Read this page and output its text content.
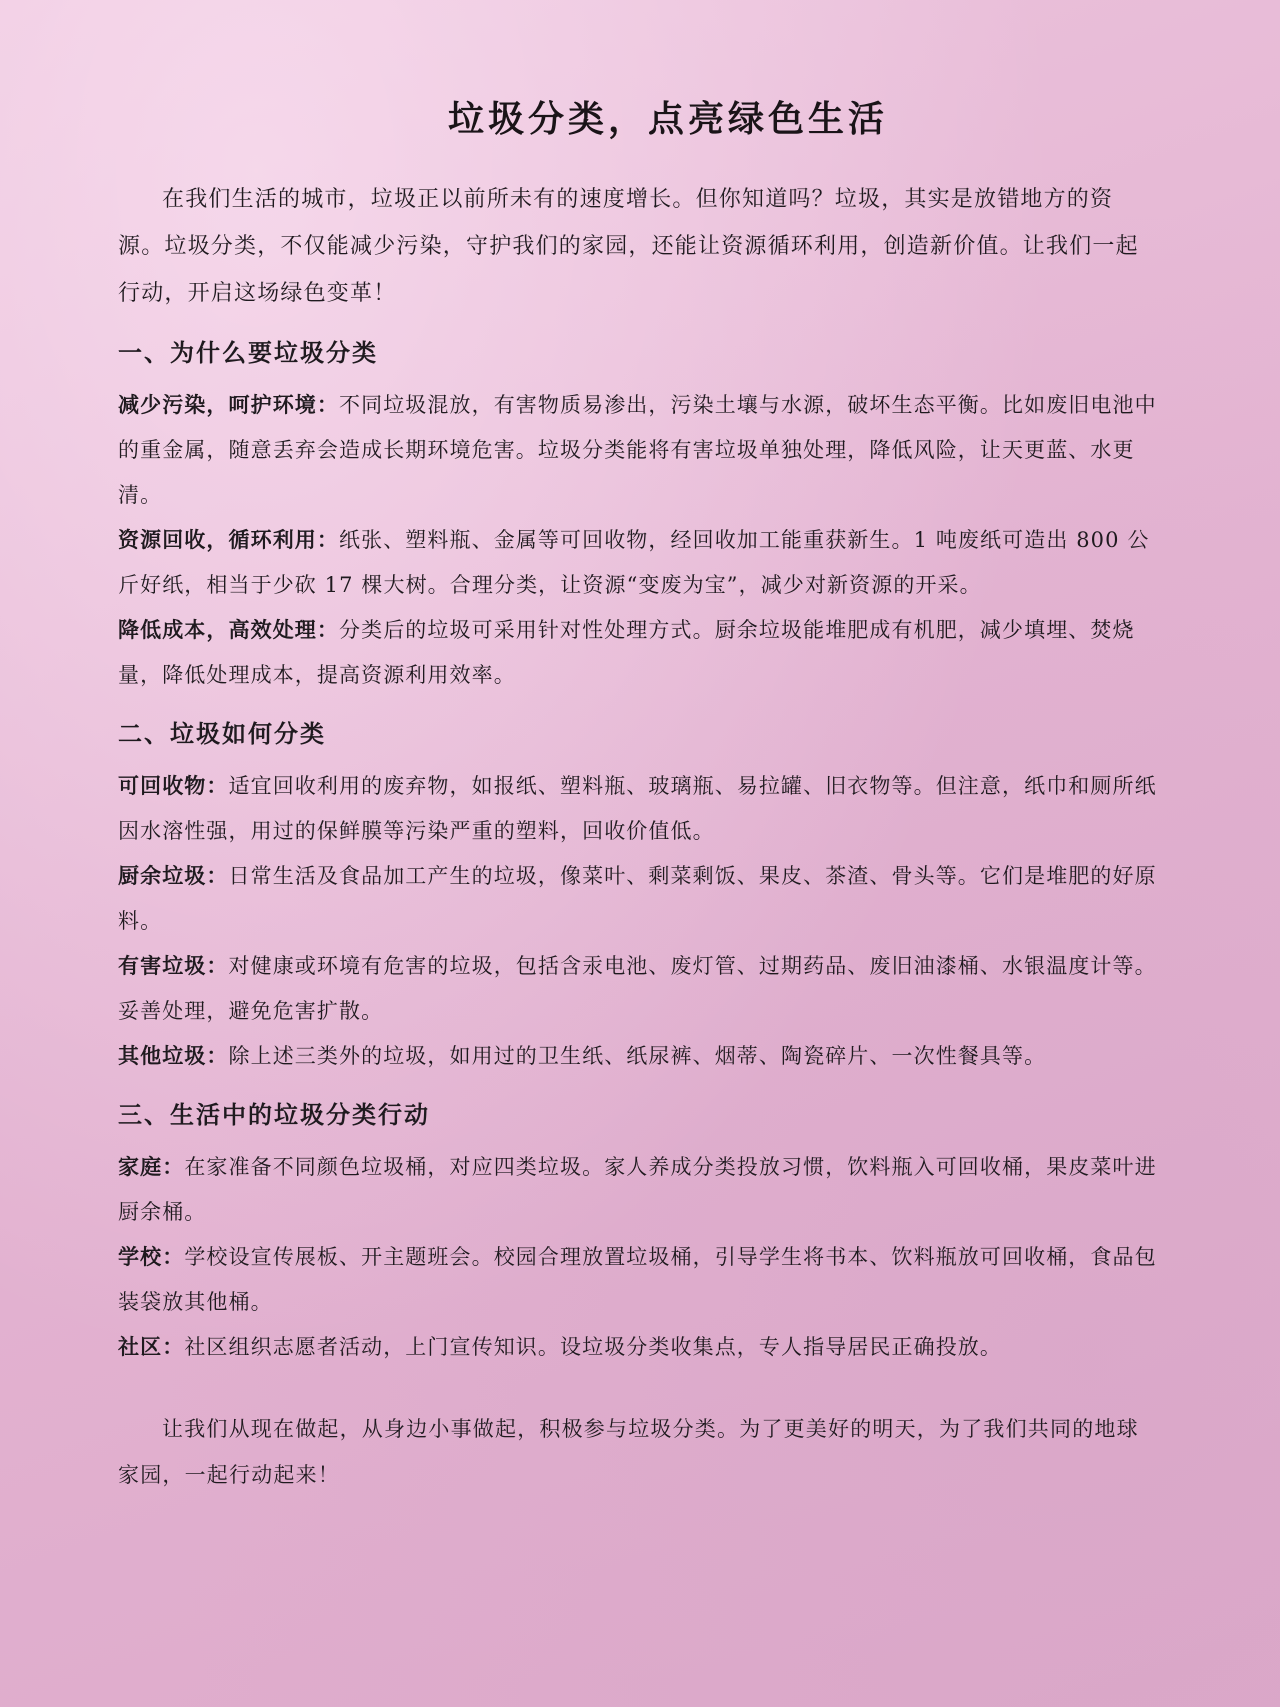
垃圾分类，点亮绿色生活

在我们生活的城市，垃圾正以前所未有的速度增长。但你知道吗？垃圾，其实是放错地方的资源。垃圾分类，不仅能减少污染，守护我们的家园，还能让资源循环利用，创造新价值。让我们一起行动，开启这场绿色变革！

一、为什么要垃圾分类

减少污染，呵护环境：不同垃圾混放，有害物质易渗出，污染土壤与水源，破坏生态平衡。比如废旧电池中的重金属，随意丢弃会造成长期环境危害。垃圾分类能将有害垃圾单独处理，降低风险，让天更蓝、水更清。

资源回收，循环利用：纸张、塑料瓶、金属等可回收物，经回收加工能重获新生。1 吨废纸可造出 800 公斤好纸，相当于少砍 17 棵大树。合理分类，让资源“变废为宝”，减少对新资源的开采。

降低成本，高效处理：分类后的垃圾可采用针对性处理方式。厨余垃圾能堆肥成有机肥，减少填埋、焚烧量，降低处理成本，提高资源利用效率。

二、垃圾如何分类

可回收物：适宜回收利用的废弃物，如报纸、塑料瓶、玻璃瓶、易拉罐、旧衣物等。但注意，纸巾和厕所纸因水溶性强，用过的保鲜膜等污染严重的塑料，回收价值低。

厨余垃圾：日常生活及食品加工产生的垃圾，像菜叶、剩菜剩饭、果皮、茶渣、骨头等。它们是堆肥的好原料。

有害垃圾：对健康或环境有危害的垃圾，包括含汞电池、废灯管、过期药品、废旧油漆桶、水银温度计等。妥善处理，避免危害扩散。

其他垃圾：除上述三类外的垃圾，如用过的卫生纸、纸尿裤、烟蒂、陶瓷碎片、一次性餐具等。

三、生活中的垃圾分类行动

家庭：在家准备不同颜色垃圾桶，对应四类垃圾。家人养成分类投放习惯，饮料瓶入可回收桶，果皮菜叶进厨余桶。

学校：学校设宣传展板、开主题班会。校园合理放置垃圾桶，引导学生将书本、饮料瓶放可回收桶，食品包装袋放其他桶。

社区：社区组织志愿者活动，上门宣传知识。设垃圾分类收集点，专人指导居民正确投放。

让我们从现在做起，从身边小事做起，积极参与垃圾分类。为了更美好的明天，为了我们共同的地球家园，一起行动起来！
